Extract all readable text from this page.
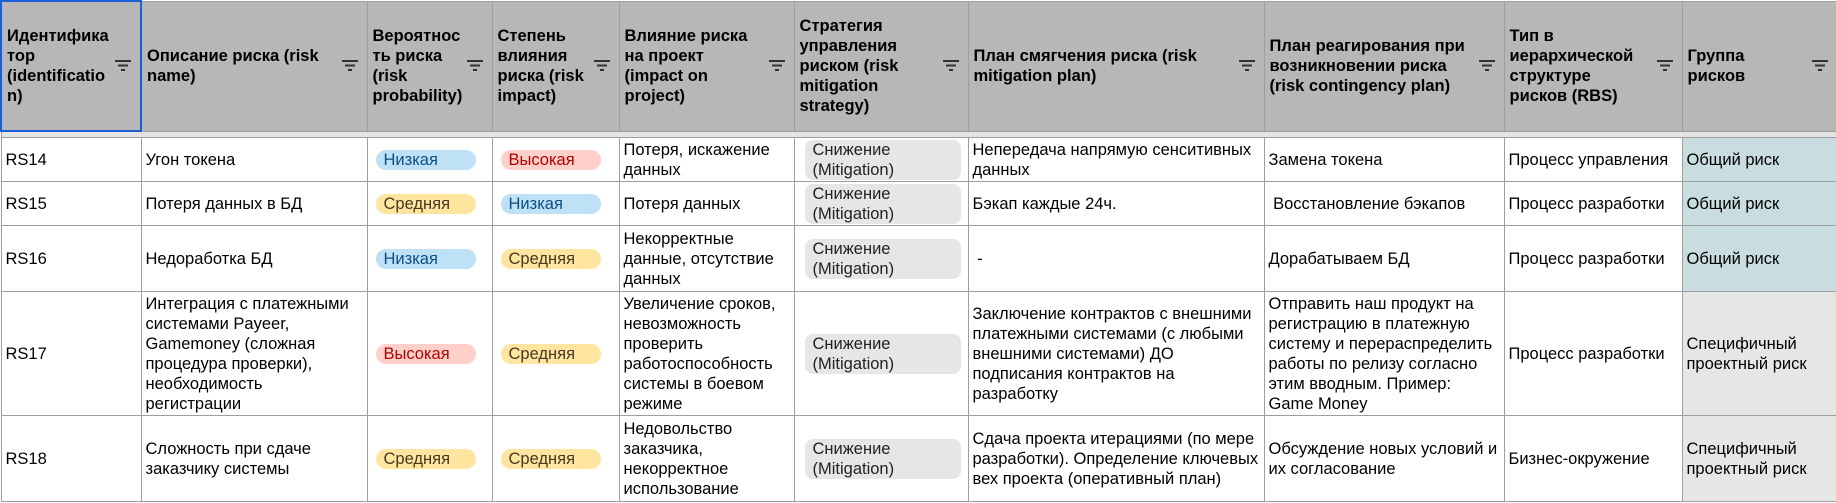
Идентифика
тор
(identificatio
n)	Описание риска (risk
name)	Вероятнос
ть риска
(risk
probability)	Степень
влияния
риска (risk
impact)	Влияние риска
на проект
(impact on
project)	Стратегия
управления
риском (risk
mitigation
strategy)	План смягчения риска (risk
mitigation plan)	План реагирования при
возникновении риска
(risk contingency plan)	Тип в
иерархической
структуре
рисков (RBS)	Группа
рисков

RS14	Угон токена	Низкая	Высокая	Потеря, искажение данных	Снижение (Mitigation)	Непередача напрямую сенситивных данных	Замена токена	Процесс управления	Общий риск
RS15	Потеря данных в БД	Средняя	Низкая	Потеря данных	Снижение (Mitigation)	Бэкап каждые 24ч.	Восстановление бэкапов	Процесс разработки	Общий риск
RS16	Недоработка БД	Низкая	Средняя	Некорректные данные, отсутствие данных	Снижение (Mitigation)	-	Дорабатываем БД	Процесс разработки	Общий риск
RS17	Интеграция с платежными системами Payeer, Gamemoney (сложная процедура проверки), необходимость регистрации	Высокая	Средняя	Увеличение сроков, невозможность проверить работоспособность системы в боевом режиме	Снижение (Mitigation)	Заключение контрактов с внешними платежными системами (с любыми внешними системами) ДО подписания контрактов на разработку	Отправить наш продукт на регистрацию в платежную систему и перераспределить работы по релизу согласно этим вводным. Пример: Game Money	Процесс разработки	Специфичный проектный риск
RS18	Сложность при сдаче заказчику системы	Средняя	Средняя	Недовольство заказчика, некорректное использование	Снижение (Mitigation)	Сдача проекта итерациями (по мере разработки). Определение ключевых вех проекта (оперативный план)	Обсуждение новых условий и их согласование	Бизнес-окружение	Специфичный проектный риск
